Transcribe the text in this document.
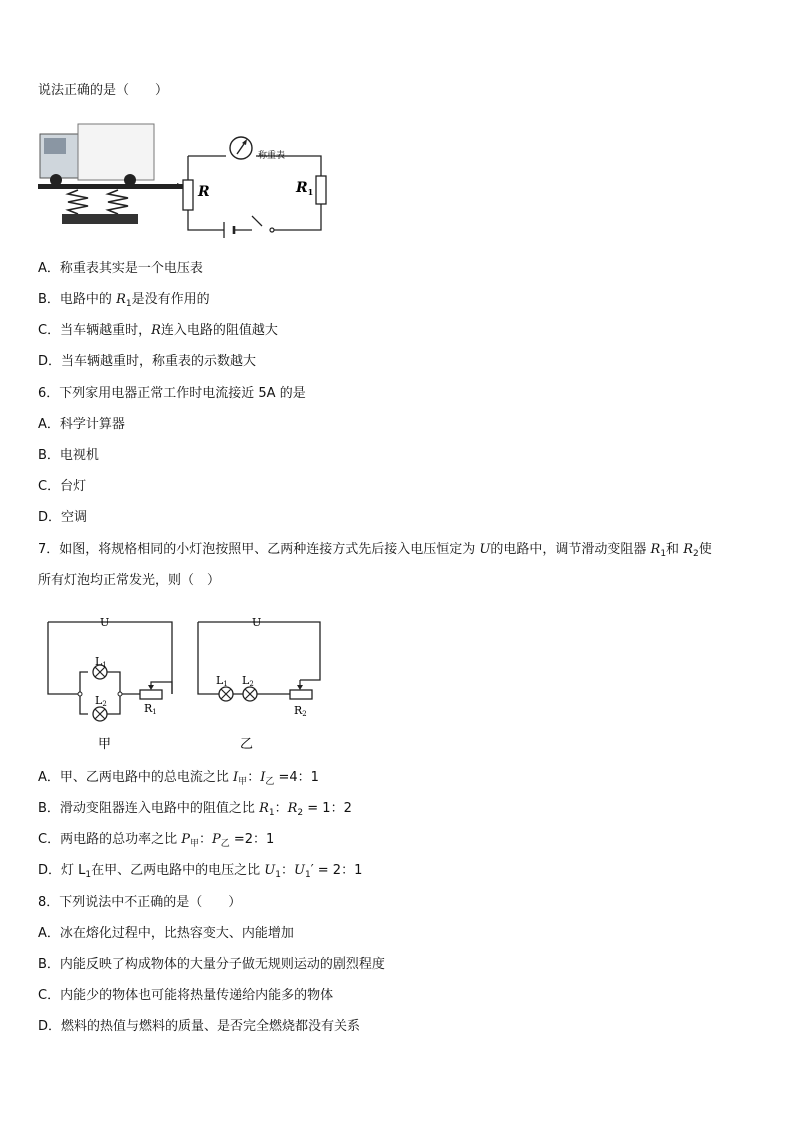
说法正确的是（　　）
称重表
R	$R_1$
A．称重表其实是一个电压表
B．电路中的 $R_1$是没有作用的
C．当车辆越重时，R连入电路的阻值越大
D．当车辆越重时，称重表的示数越大
6．下列家用电器正常工作时电流接近 5A 的是
A．科学计算器
B．电视机
C．台灯
D．空调
7．如图，将规格相同的小灯泡按照甲、乙两种连接方式先后接入电压恒定为 U的电路中，调节滑动变阻器 $R_1$和 $R_2$使
所有灯泡均正常发光，则（　）
U
L1
L2	R1
U
L1 L2
R2
甲	乙
A．甲、乙两电路中的总电流之比 $I_甲$：$I_乙 =4$：1
B．滑动变阻器连入电路中的阻值之比 $R_1$：$R_2 = 1$：2
C．两电路的总功率之比 $P_甲$：$P_乙 =2$：1
D．灯 $L_1$在甲、乙两电路中的电压之比 $U_1$：$U_1' = 2$：1
8．下列说法中不正确的是（　　）
A．冰在熔化过程中，比热容变大、内能增加
B．内能反映了构成物体的大量分子做无规则运动的剧烈程度
C．内能少的物体也可能将热量传递给内能多的物体
D．燃料的热值与燃料的质量、是否完全燃烧都没有关系
